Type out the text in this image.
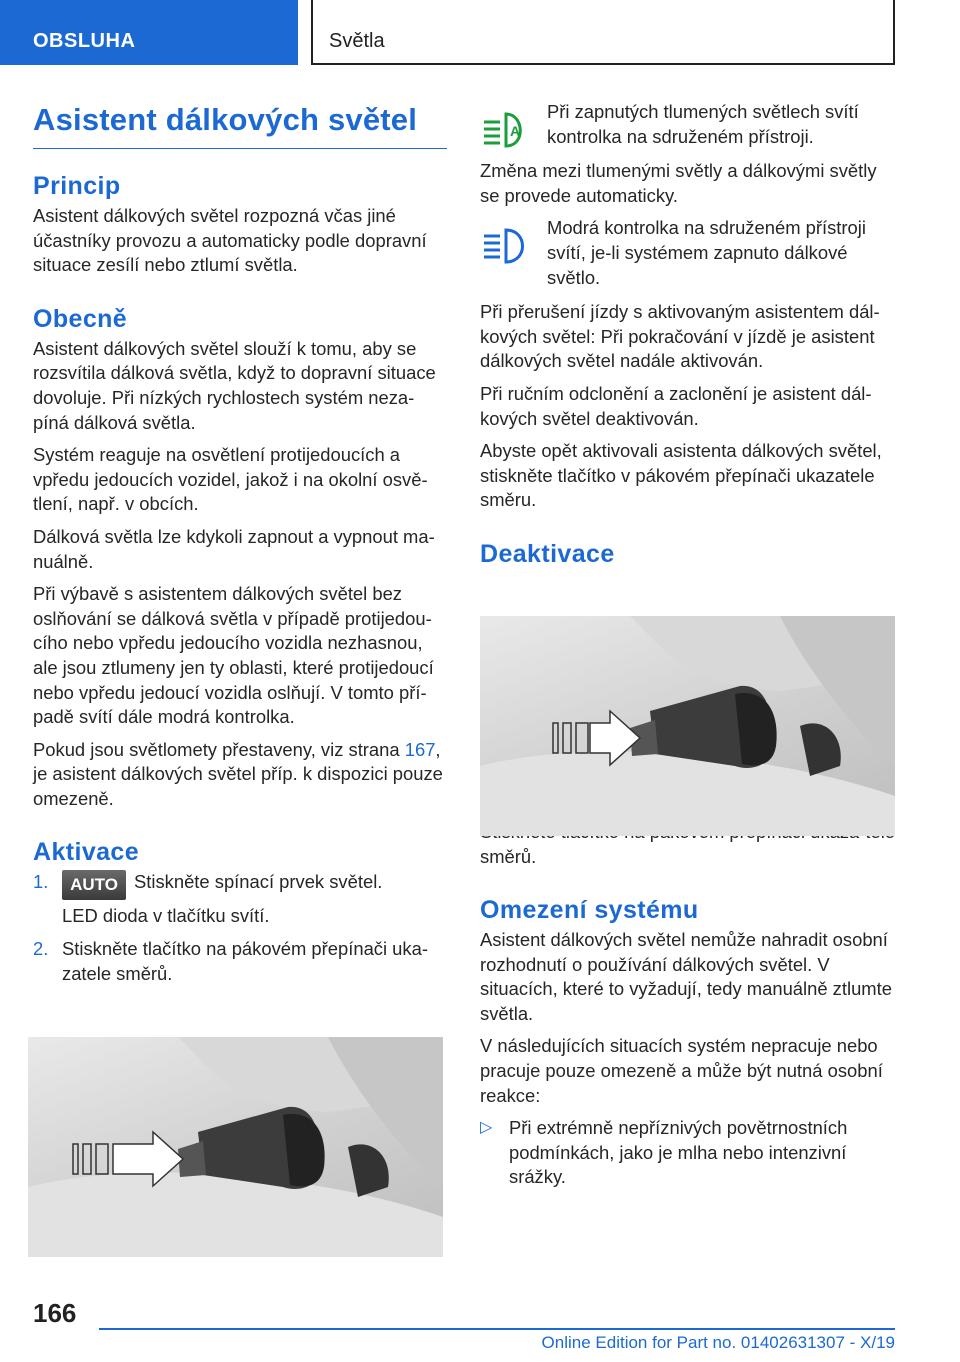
OBSLUHA	Světla
Asistent dálkových světel
Princip

Asistent dálkových světel rozpozná včas jiné účastníky provozu a automaticky podle dopravní situace zesílí nebo ztlumí světla.

Obecně

Asistent dálkových světel slouží k tomu, aby se rozsvítila dálková světla, když to dopravní situace dovoluje. Při nízkých rychlostech systém neza-píná dálková světla.

Systém reaguje na osvětlení protijedoucích a vpředu jedoucích vozidel, jakož i na okolní osvě-tlení, např. v obcích.

Dálková světla lze kdykoli zapnout a vypnout ma-nuálně.

Při výbavě s asistentem dálkových světel bez oslňování se dálková světla v případě protijedou-cího nebo vpředu jedoucího vozidla nezhasnou, ale jsou ztlumeny jen ty oblasti, které protijedoucí nebo vpředu jedoucí vozidla oslňují. V tomto pří-padě svítí dále modrá kontrolka.

Pokud jsou světlomety přestaveny, viz strana 167, je asistent dálkových světel příp. k dispozici pouze omezeně.

Aktivace
1. AUTO Stiskněte spínací prvek světel.
LED dioda v tlačítku svítí.
2. Stiskněte tlačítko na pákovém přepínači uka-zatele směrů.
A
Při zapnutých tlumených světlech svítí kontrolka na sdruženém přístroji.

Změna mezi tlumenými světly a dálkovými světly se provede automaticky.

Modrá kontrolka na sdruženém přístroji svítí, je-li systémem zapnuto dálkové světlo.

Při přerušení jízdy s aktivovaným asistentem dál-kových světel: Při pokračování v jízdě je asistent dálkových světel nadále aktivován.

Při ručním odclonění a zaclonění je asistent dál-kových světel deaktivován.

Abyste opět aktivovali asistenta dálkových světel, stiskněte tlačítko v pákovém přepínači ukazatele směru.

Deaktivace

směrů.

Omezení systému

Asistent dálkových světel nemůže nahradit osobní rozhodnutí o používání dálkových světel. V situacích, které to vyžadují, tedy manuálně ztlumte světla.

V následujících situacích systém nepracuje nebo pracuje pouze omezeně a může být nutná osobní reakce:

▷ Při extrémně nepříznivých povětrnostních podmínkách, jako je mlha nebo intenzivní srážky.
166
Online Edition for Part no. 01402631307 - X/19
